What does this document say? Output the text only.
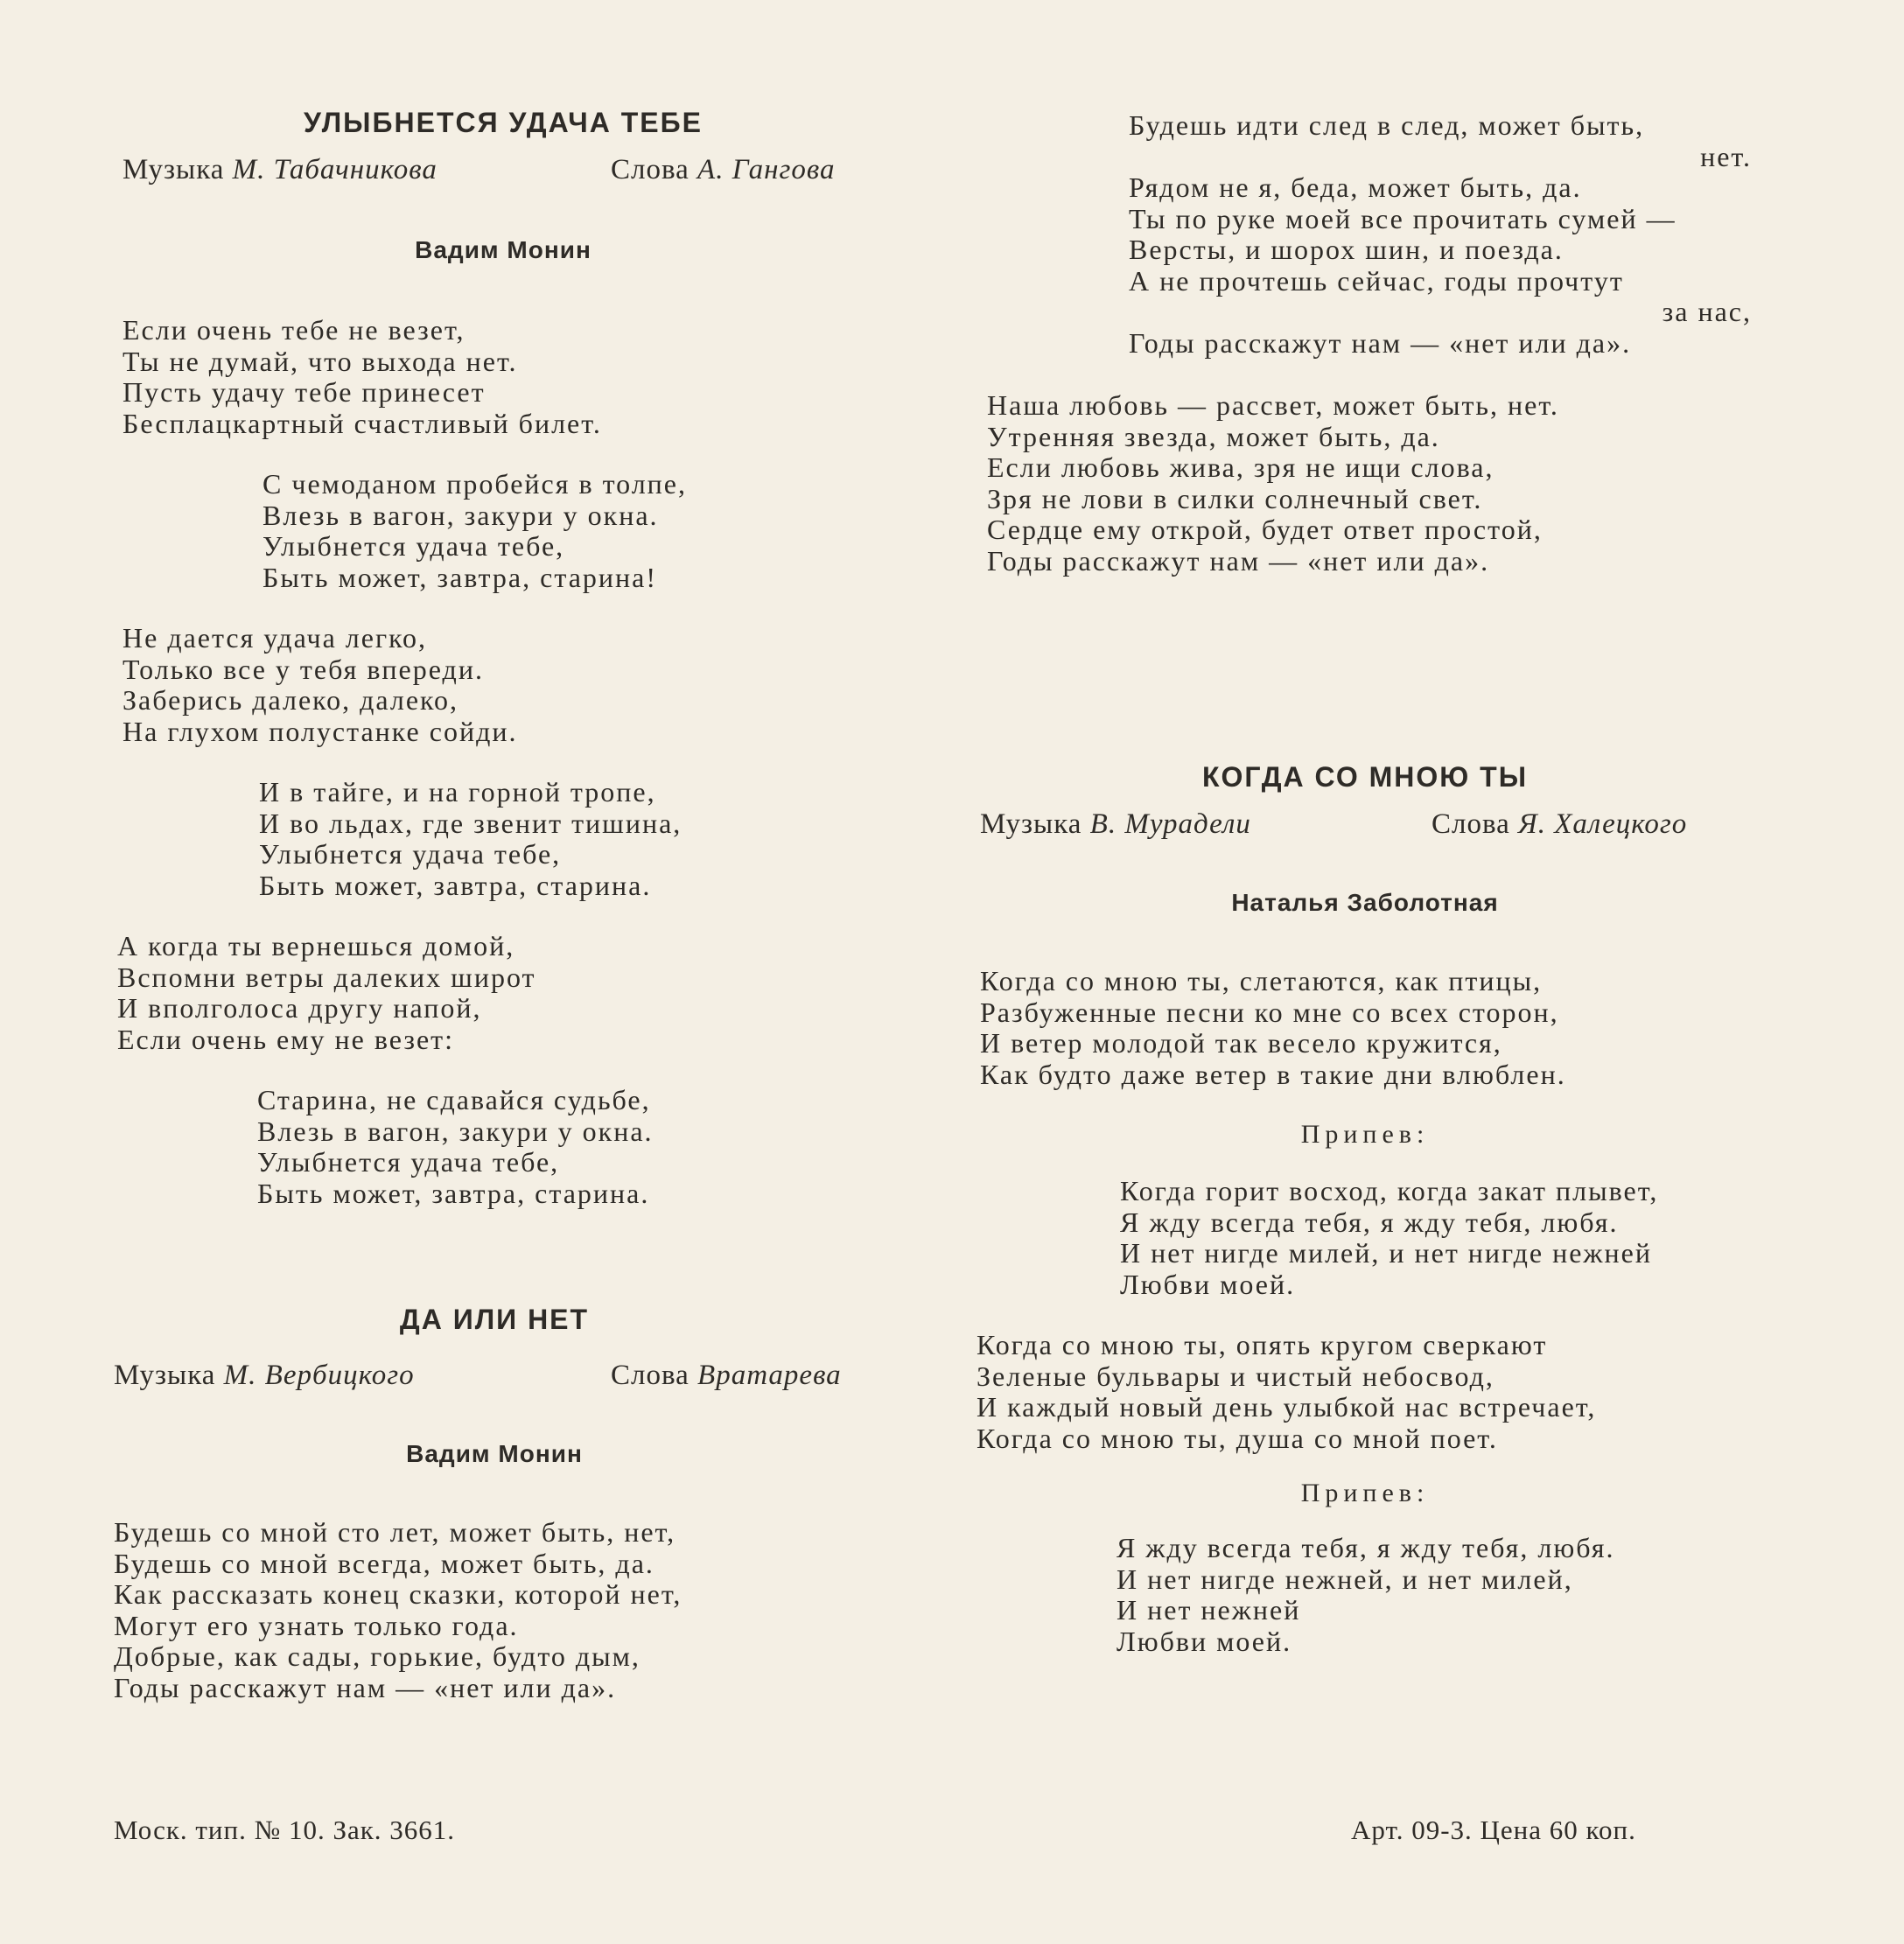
УЛЫБНЕТСЯ УДАЧА ТЕБЕ
Музыка М. Табачникова	Слова А. Гангова
Вадим Монин
Если очень тебе не везет,
Ты не думай, что выхода нет.
Пусть удачу тебе принесет
Бесплацкартный счастливый билет.
С чемоданом пробейся в толпе,
Влезь в вагон, закури у окна.
Улыбнется удача тебе,
Быть может, завтра, старина!
Не дается удача легко,
Только все у тебя впереди.
Заберись далеко, далеко,
На глухом полустанке сойди.
И в тайге, и на горной тропе,
И во льдах, где звенит тишина,
Улыбнется удача тебе,
Быть может, завтра, старина.
А когда ты вернешься домой,
Вспомни ветры далеких широт
И вполголоса другу напой,
Если очень ему не везет:
Старина, не сдавайся судьбе,
Влезь в вагон, закури у окна.
Улыбнется удача тебе,
Быть может, завтра, старина.
ДА ИЛИ НЕТ
Музыка М. Вербицкого	Слова Вратарева
Вадим Монин
Будешь со мной сто лет, может быть, нет,
Будешь со мной всегда, может быть, да.
Как рассказать конец сказки, которой нет,
Могут его узнать только года.
Добрые, как сады, горькие, будто дым,
Годы расскажут нам — «нет или да».
Будешь идти след в след, может быть,
нет.
Рядом не я, беда, может быть, да.
Ты по руке моей все прочитать сумей —
Версты, и шорох шин, и поезда.
А не прочтешь сейчас, годы прочтут
за нас,
Годы расскажут нам — «нет или да».
Наша любовь — рассвет, может быть, нет.
Утренняя звезда, может быть, да.
Если любовь жива, зря не ищи слова,
Зря не лови в силки солнечный свет.
Сердце ему открой, будет ответ простой,
Годы расскажут нам — «нет или да».
КОГДА СО МНОЮ ТЫ
Музыка В. Мурадели	Слова Я. Халецкого
Наталья Заболотная
Когда со мною ты, слетаются, как птицы,
Разбуженные песни ко мне со всех сторон,
И ветер молодой так весело кружится,
Как будто даже ветер в такие дни влюблен.
Припев:
Когда горит восход, когда закат плывет,
Я жду всегда тебя, я жду тебя, любя.
И нет нигде милей, и нет нигде нежней
Любви моей.
Когда со мною ты, опять кругом сверкают
Зеленые бульвары и чистый небосвод,
И каждый новый день улыбкой нас встречает,
Когда со мною ты, душа со мной поет.
Припев:
Я жду всегда тебя, я жду тебя, любя.
И нет нигде нежней, и нет милей,
И нет нежней
Любви моей.
Моск. тип. № 10. Зак. 3661.	Арт. 09-3. Цена 60 коп.
